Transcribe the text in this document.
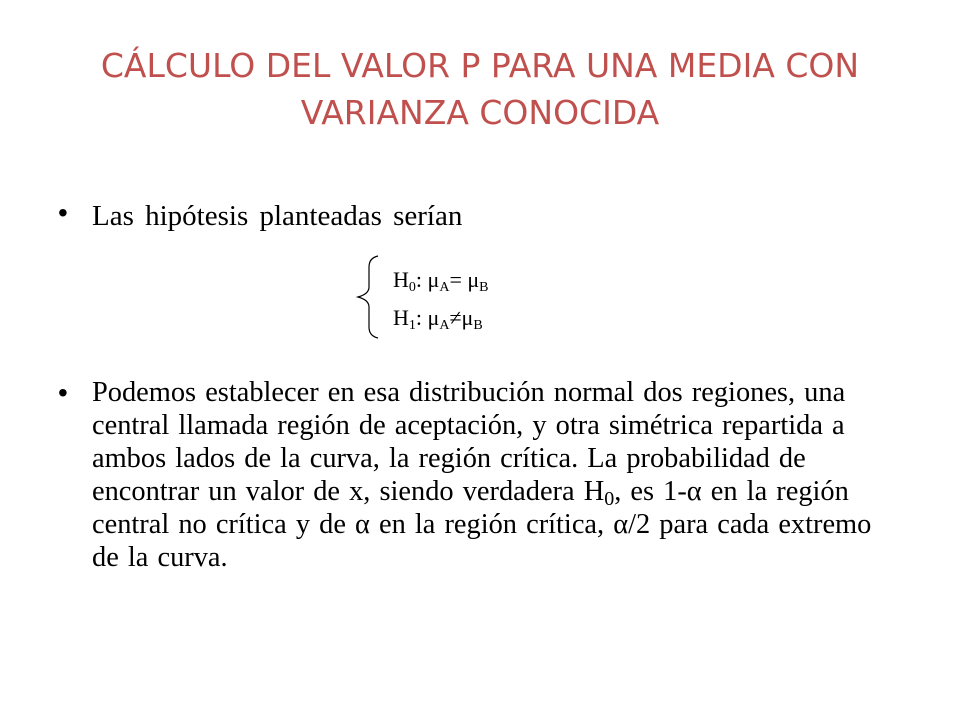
CÁLCULO DEL VALOR P PARA UNA MEDIA CON
VARIANZA CONOCIDA
• Las hipótesis planteadas serían
$H_0$: $\mu_A= \mu_B$
$H_1$: $\mu_A\ne\mu_B$
• Podemos establecer en esa distribución normal dos regiones, una central llamada región de aceptación, y otra simétrica repartida a ambos lados de la curva, la región crítica. La probabilidad de encontrar un valor de x, siendo verdadera $H_0$, es 1-α en la región central no crítica y de α en la región crítica, α/2 para cada extremo de la curva.
